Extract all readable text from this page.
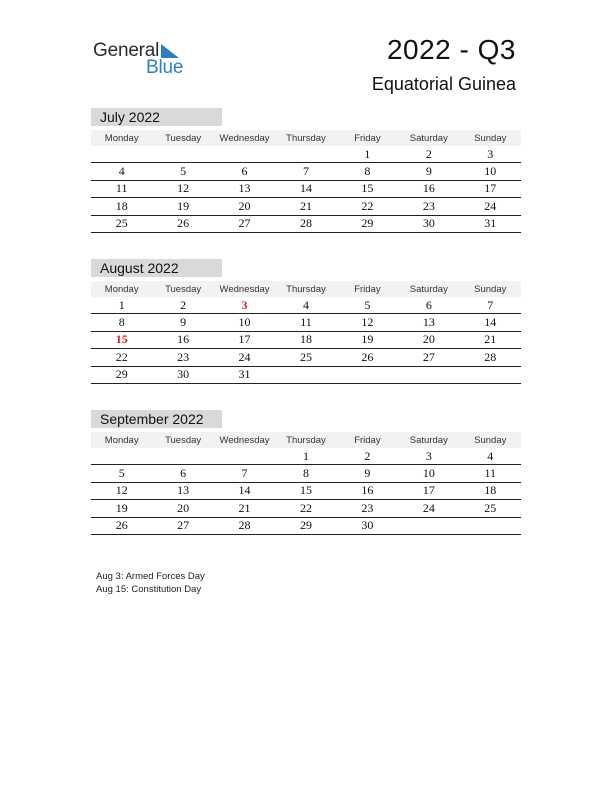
General
Blue
2022 - Q3
Equatorial Guinea
July 2022
Monday	Tuesday	Wednesday	Thursday	Friday	Saturday	Sunday
				1	2	3
4	5	6	7	8	9	10
11	12	13	14	15	16	17
18	19	20	21	22	23	24
25	26	27	28	29	30	31
August 2022
Monday	Tuesday	Wednesday	Thursday	Friday	Saturday	Sunday
1	2	3	4	5	6	7
8	9	10	11	12	13	14
15	16	17	18	19	20	21
22	23	24	25	26	27	28
29	30	31				
September 2022
Monday	Tuesday	Wednesday	Thursday	Friday	Saturday	Sunday
			1	2	3	4
5	6	7	8	9	10	11
12	13	14	15	16	17	18
19	20	21	22	23	24	25
26	27	28	29	30		
Aug 3: Armed Forces Day
Aug 15: Constitution Day
